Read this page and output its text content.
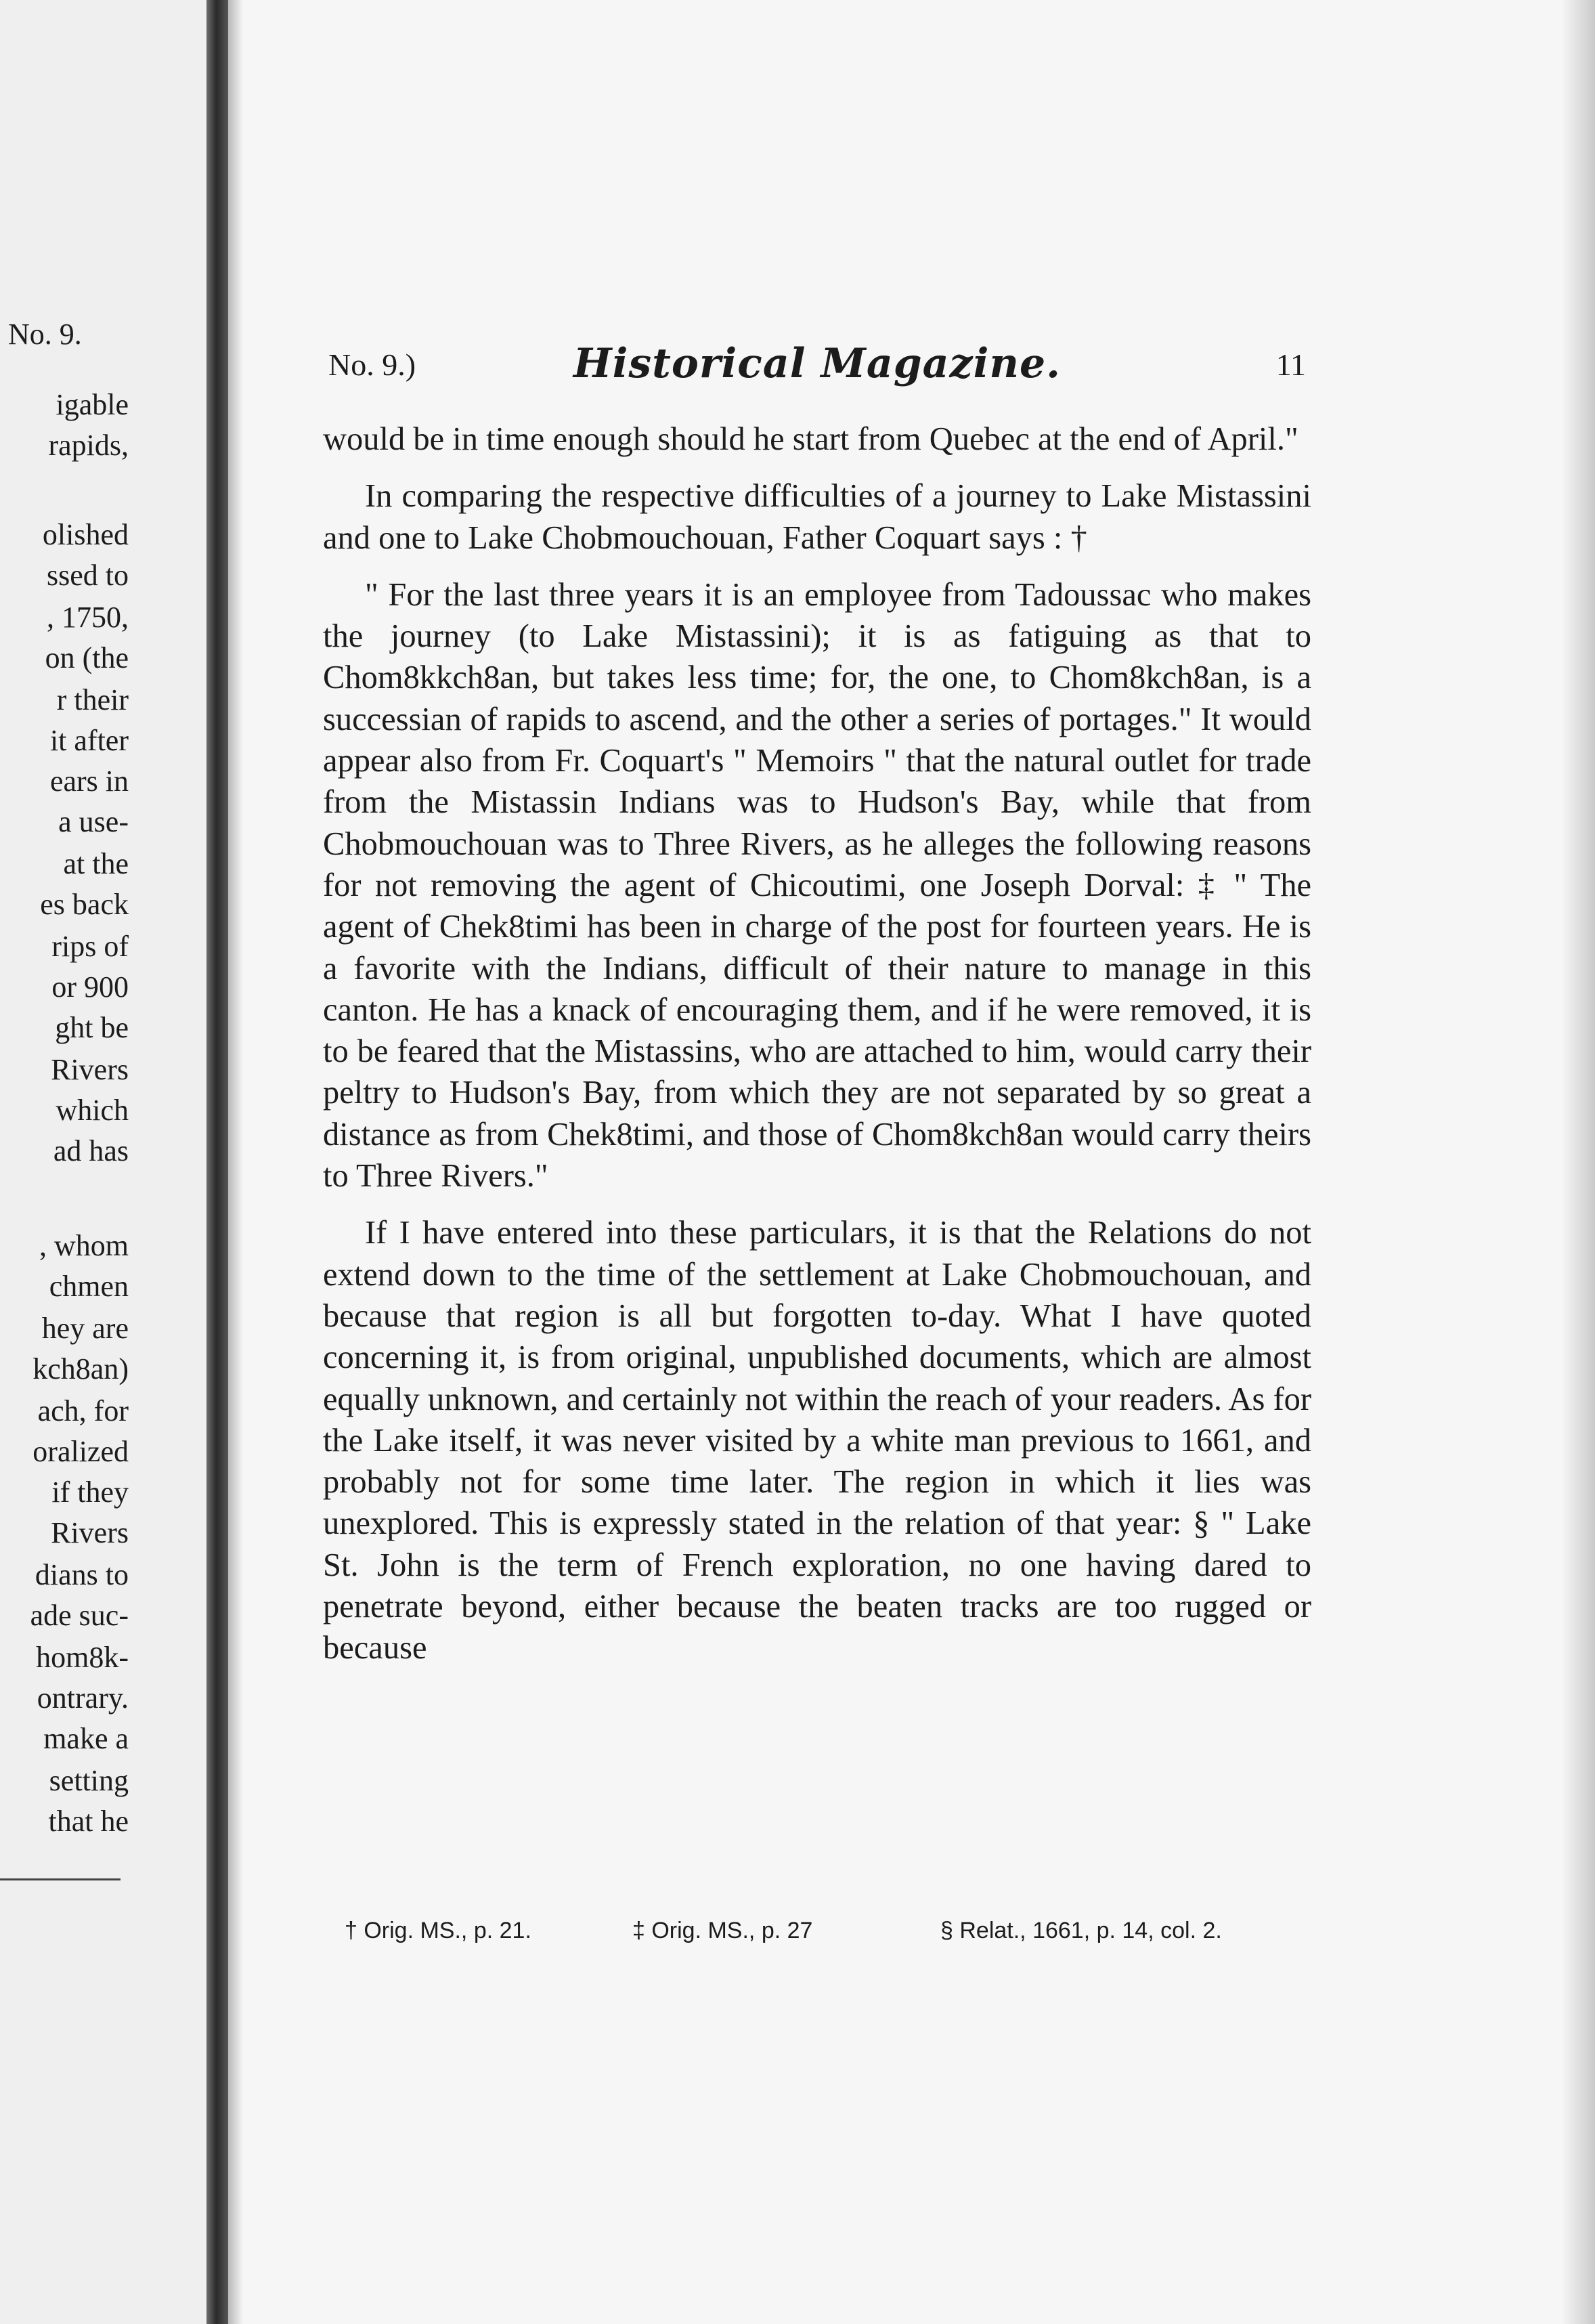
No. 9.
igable
rapids,
olished
ssed to
, 1750,
on (the
r their
it after
ears in
a use-
at the
es back
rips of
or 900
ght be
Rivers
which
ad has
, whom
chmen
hey are
kch8an)
ach, for
oralized
if they
Rivers
dians to
ade suc-
hom8k-
ontrary.
make a
setting
that he
No. 9.)	Historical Magazine.	11

would be in time enough should he start from Quebec at the end of April."

In comparing the respective difficulties of a journey to Lake Mistassini and one to Lake Chobmouchouan, Father Coquart says : †

" For the last three years it is an employee from Tadoussac who makes the journey (to Lake Mistassini); it is as fatiguing as that to Chom8kkch8an, but takes less time; for, the one, to Chom8kch8an, is a successian of rapids to ascend, and the other a series of portages." It would appear also from Fr. Coquart's " Memoirs " that the natural outlet for trade from the Mistassin Indians was to Hudson's Bay, while that from Chobmouchouan was to Three Rivers, as he alleges the following reasons for not removing the agent of Chicoutimi, one Joseph Dorval: ‡ " The agent of Chek8timi has been in charge of the post for fourteen years. He is a favorite with the Indians, difficult of their nature to manage in this canton. He has a knack of encouraging them, and if he were removed, it is to be feared that the Mistassins, who are attached to him, would carry their peltry to Hudson's Bay, from which they are not separated by so great a distance as from Chek8timi, and those of Chom8kch8an would carry theirs to Three Rivers."

If I have entered into these particulars, it is that the Relations do not extend down to the time of the settlement at Lake Chobmouchouan, and because that region is all but forgotten to-day. What I have quoted concerning it, is from original, unpublished documents, which are almost equally unknown, and certainly not within the reach of your readers. As for the Lake itself, it was never visited by a white man previous to 1661, and probably not for some time later. The region in which it lies was unexplored. This is expressly stated in the relation of that year: § " Lake St. John is the term of French exploration, no one having dared to penetrate beyond, either because the beaten tracks are too rugged or because

† Orig. MS., p. 21.	‡ Orig. MS., p. 27	§ Relat., 1661, p. 14, col. 2.
